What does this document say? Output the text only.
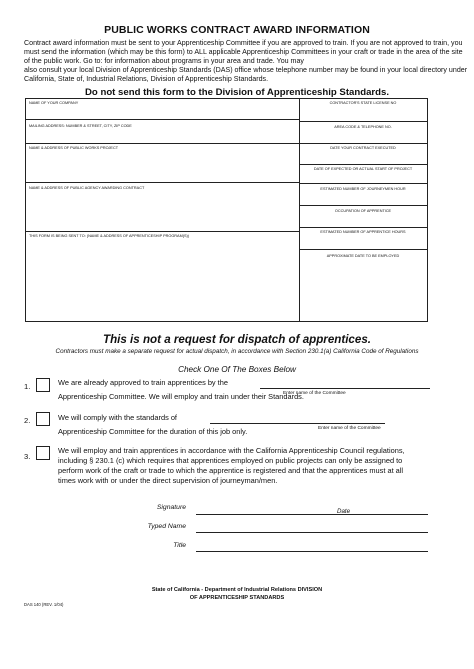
PUBLIC WORKS CONTRACT AWARD INFORMATION
Contract award information must be sent to your Apprenticeship Committee if you are approved to train. If you are not approved to train, you
must send the information (which may be this form) to ALL applicable Apprenticeship Committees in your craft or trade in the area of the site
of the public work. Go to: for information about programs in your area and trade. You may
also consult your local Division of Apprenticeship Standards (DAS) office whose telephone number may be found in your local directory under
California, State of, Industrial Relations, Division of Apprenticeship Standards.
Do not send this form to the Division of Apprenticeship Standards.
NAME OF YOUR COMPANY
MAILING ADDRESS: NUMBER & STREET, CITY, ZIP CODE
NAME & ADDRESS OF PUBLIC WORKS PROJECT
NAME & ADDRESS OF PUBLIC AGENCY AWARDING CONTRACT
THIS FORM IS BEING SENT TO: (NAME & ADDRESS OF APPRENTICESHIP PROGRAM(S))
CONTRACTOR'S STATE LICENSE NO
AREA CODE & TELEPHONE NO.
DATE YOUR CONTRACT EXECUTED
DATE OF EXPECTED OR ACTUAL START OF PROJECT
ESTIMATED NUMBER OF JOURNEYMEN HOUR
OCCUPATION OF APPRENTICE
ESTIMATED NUMBER OF APPRENTICE HOURS
APPROXIMATE DATE TO BE EMPLOYED
This is not a request for dispatch of apprentices.
Contractors must make a separate request for actual dispatch, in accordance with Section 230.1(a) California Code of Regulations
Check One Of The Boxes Below
1.	We are already approved to train apprentices by the
Apprenticeship Committee. We will employ and train under their Standards.
Enter name of the Committee
2.	We will comply with the standards of
Enter name of the Committee
Apprenticeship Committee for the duration of this job only.
3.
We will employ and train apprentices in accordance with the California Apprenticeship Council regulations,
including § 230.1 (c) which requires that apprentices employed on public projects can only be assigned to
perform work of the craft or trade to which the apprentice is registered and that the apprentices must at all
times work with or under the direct supervision of journeyman/men.
Signature
Date
Typed Name
Title
State of California - Department of Industrial Relations DIVISION
OF APPRENTICESHIP STANDARDS
DAS 140 (REV. 1/04)
